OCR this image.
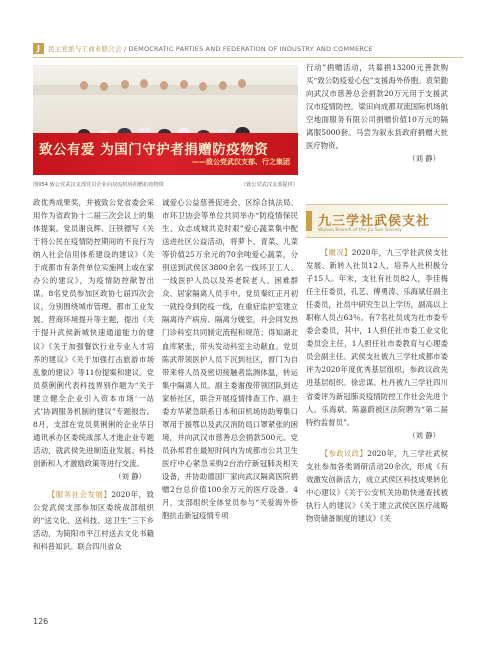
J	民主党派与工商业联合会 / DEMOCRATIC PARTIES AND FEDERATION OF INDUSTRY AND COMMERCE
致公有爱 为国门守护者捐赠防疫物资
——致公党武汉支部、行之集团
图054 致公党武汉支部党员企业向双流机场捐赠抗疫物资	（致公党武汉支部提供）

政优秀成果奖，并被致公党省委会采用作为省政协十二届三次会议上的集体提案。党员谢良辉、汪铁镖写《关于将公民在疫情防控期间的不良行为纳入社会信用体系建设的建议》《关于成都市有条件单位实施网上或在家办公的建议》，为疫情防控献智出谋。8名党员参加区政协七届四次会议，分别围绕城市管理、都市工业发展、营商环境提升等主题，提出《关于提升武侯新城快速通道能力的建议》《关于加强餐饮行业专业人才培养的建议》《关于加强打击旅游市场乱象的建议》等11份提案和建议。党员莫俐俐代表科技界别作题为“关于建立健全企业引入资本市场‘一站式’协调服务机制的建议”专题报告。8月，支部在党员莫俐俐的企业华日通讯承办区委统战部人才進企业专题活动，就武侯先进制造业发展、科技创新和人才激励政策等进行交流。

（刘 静）

【服务社会发展】2020年，致公党武侯支部参加区委统战部组织的“送文化、送科技、送卫生”三下乡活动，为简阳市平江村送去文化书籍和科普知识。联合四川省众

诚爱心公益慈善促进会、区综合执法局、市环卫协会等单位共同举办“防疫情保民生、众志成城共克时艰”爱心蔬菜集中配送进社区公益活动，将萝卜、青菜、儿菜等价值25万余元的70余吨爱心蔬菜，分别送到武侯区3800余名一线环卫工人、一线医护人员以及养老院老人、困难群众、居家隔离人员手中。党员秦红正月初一就投身到防疫一线，在重症监护室建立隔离待产病房、隔离分娩室，并会同发热门诊科室共同制定流程和规范；得知湖北血库紧张，带头发动科室主动献血。党员陈武带领医护人员下沉到社区，督门为自带来将人员及密切接触者监测体温，转运集中隔离人员。副主委谢俊带领团队到达家桥社区，联合开展疫情排查工作。副主委方华紧急联系日本和田机场协助筹集口罩用于援鄂以及武汉消防局口罩紧张的困境，并向武汉市慈善总会捐款500元。党员孙邦君在最短时间内为成都市公共卫生医疗中心紧急采购2台治疗新冠肺炎相关设备，并协助德国厂家向武汉隔离医院捐赠2台总价值100余万元的医疗设备。4月，支部组织全体党员参与“关爱海外侨胞抗击新冠疫情专项

行动”捐赠活动，共募捐13200元善款购买“致公防疫爱心包”支援海外侨胞。袁荣勤向武汉市慈善总会捐款20万元用于支援武汉市疫情防控。梁田向成都双流国际机场航空地面服务有限公司捐赠价值10万元的隔离服5000套。马尝为叙永县政府捐赠大批医疗物资。

（刘 静）

九三学社武侯支社
Wuhou Branch of the Jiu San Society

【概况】2020年，九三学社武侯支社发展、新转入社员12人，培养入社积极分子15人。年末，支社有社员82人，李佳梅任主任委员，孔艺、傅勇涛、乐海斌任副主任委员，社员中研究生以上学历，副高以上职称人员占63％。有7名社员成为社市委专委会委员，其中，1人担任社市委工业文化委员会主任，1人担任社市委教育与心理委员会副主任。武侯支社被九三学社成都市委评为2020年度优秀基层组织，参政议政先进基层组织。徐忠谋、杜丹被九三学社四川省委评为新冠肺炎疫情防控工作社会先进个人。乐海斌、陈嘉蔚被区法院聘为“第二届特约监督员”。

（刘 静）

【参政议政】2020年，九三学社武侯支社参加各类调研活动20余次，形成《有效激发创新活力，成立武侯区科技成果转化中心建议》《关于公安机关协助快递查找被执行人的建议》《关于建立武侯区医疗战略物资储备制度的建议》《关

126
